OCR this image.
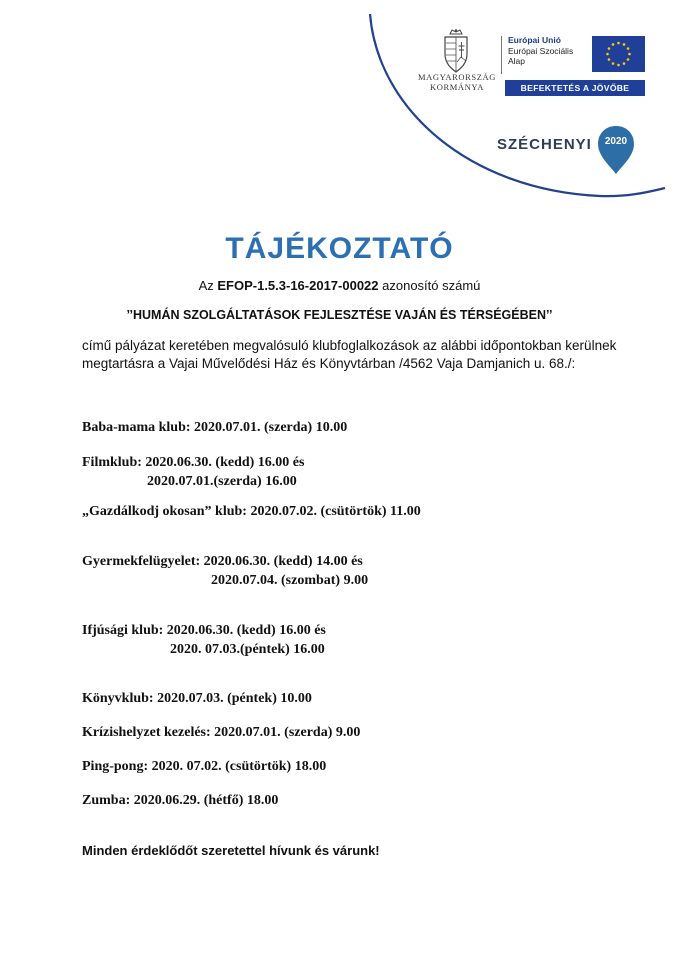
MAGYARORSZÁG
KORMÁNYA
Európai Unió
Európai Szociális
Alap
BEFEKTETÉS A JÖVŐBE
SZÉCHENYI	2020
TÁJÉKOZTATÓ
Az EFOP-1.5.3-16-2017-00022 azonosító számú
’’HUMÁN SZOLGÁLTATÁSOK FEJLESZTÉSE VAJÁN ÉS TÉRSÉGÉBEN’’
című pályázat keretében megvalósuló klubfoglalkozások az alábbi időpontokban kerülnek megtartásra a Vajai Művelődési Ház és Könyvtárban /4562 Vaja Damjanich u. 68./:
Baba-mama klub: 2020.07.01. (szerda) 10.00
Filmklub: 2020.06.30. (kedd) 16.00 és
2020.07.01.(szerda) 16.00
„Gazdálkodj okosan” klub: 2020.07.02. (csütörtök) 11.00
Gyermekfelügyelet: 2020.06.30. (kedd) 14.00 és
2020.07.04. (szombat) 9.00
Ifjúsági klub: 2020.06.30. (kedd) 16.00 és
2020. 07.03.(péntek) 16.00
Könyvklub: 2020.07.03. (péntek) 10.00
Krízishelyzet kezelés: 2020.07.01. (szerda) 9.00
Ping-pong: 2020. 07.02. (csütörtök) 18.00
Zumba: 2020.06.29. (hétfő) 18.00
Minden érdeklődőt szeretettel hívunk és várunk!
